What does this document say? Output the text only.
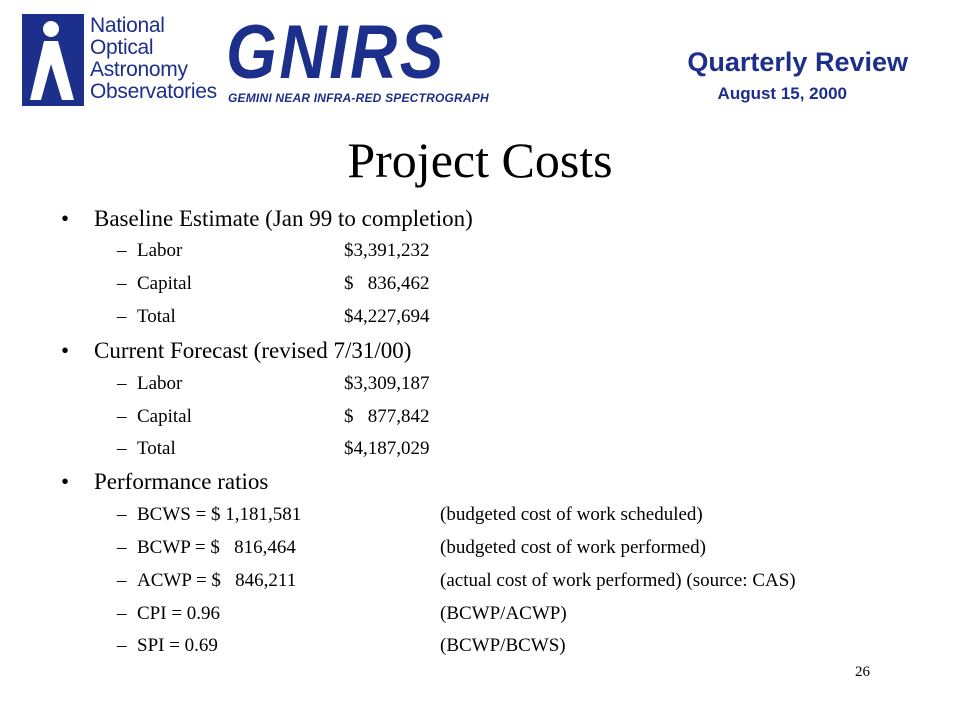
National
Optical
Astronomy
Observatories GNIRS
GEMINI NEAR INFRA-RED SPECTROGRAPH
Quarterly Review
August 15, 2000
Project Costs
• Baseline Estimate (Jan 99 to completion)
– Labor	$3,391,232
– Capital	$   836,462
– Total	$4,227,694
• Current Forecast (revised 7/31/00)
– Labor	$3,309,187
– Capital	$   877,842
– Total	$4,187,029
• Performance ratios
– BCWS = $ 1,181,581	(budgeted cost of work scheduled)
– BCWP = $   816,464	(budgeted cost of work performed)
– ACWP = $   846,211	(actual cost of work performed) (source: CAS)
– CPI = 0.96	(BCWP/ACWP)
– SPI = 0.69	(BCWP/BCWS)
26
